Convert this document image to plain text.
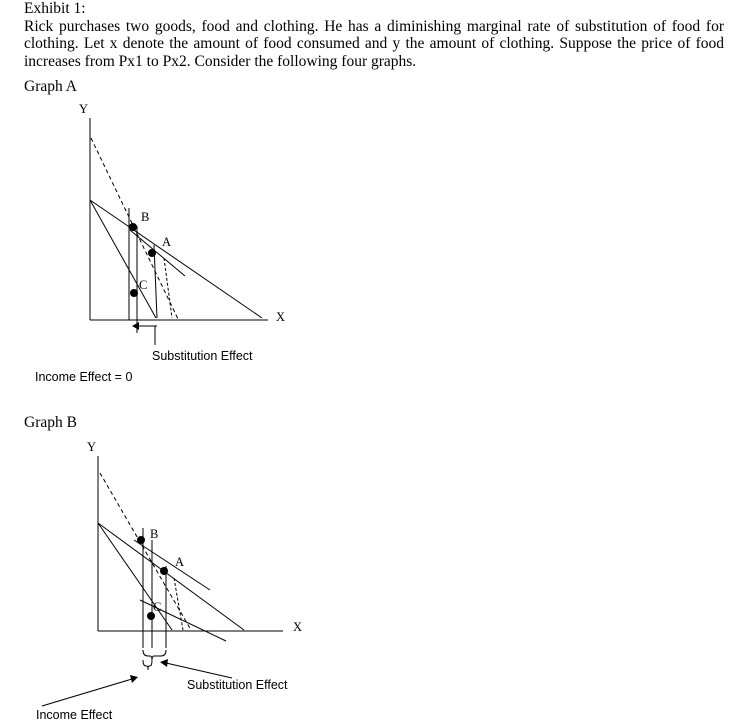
Exhibit 1:

Rick purchases two goods, food and clothing. He has a diminishing marginal rate of substitution of food for clothing. Let x denote the amount of food consumed and y the amount of clothing. Suppose the price of food increases from Px1 to Px2. Consider the following four graphs.

Graph A
Graph B
Y
X
B
A
C
Substitution Effect
Income Effect = 0
Y
X
B
A
C
Substitution Effect
Income Effect
